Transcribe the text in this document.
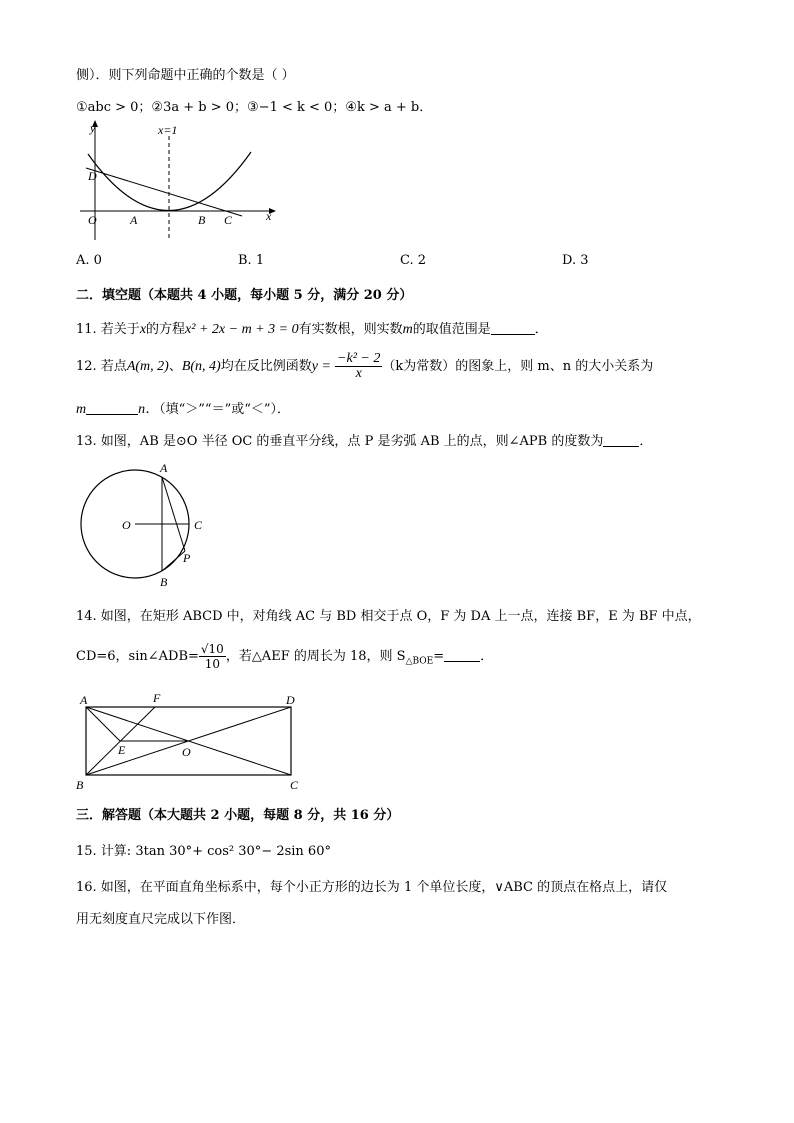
侧）．则下列命题中正确的个数是（ ）
①abc > 0；②3a + b > 0；③−1 < k < 0；④k > a + b．
y	x=1
D
O	A	B C	x
A. 0	B. 1	C. 2	D. 3
二．填空题（本题共 4 小题，每小题 5 分，满分 20 分）
11. 若关于x的方程x² + 2x − m + 3 = 0有实数根，则实数m的取值范围是	．
12. 若点A(m, 2)、B(n, 4)均在反比例函数$y = \frac{\text{−k² − 2}}{x} (k$为常数）的图象上，则 m、n 的大小关系为
m	n．（填“＞”“＝”或“＜”）．
13. 如图，AB 是⊙O 半径 OC 的垂直平分线，点 P 是劣弧 AB 上的点，则∠APB 的度数为	．
A
O	C
P
B
14. 如图，在矩形 ABCD 中，对角线 AC 与 BD 相交于点 O，F 为 DA 上一点，连接 BF，E 为 BF 中点，
CD=6，sin∠ADB= $\frac{√10}{10}$ ，若△AEF 的周长为 18，则 $S_{\triangle BOE}=$	．
A	F	D
E	O
B	C
三．解答题（本大题共 2 小题，每题 8 分，共 16 分）
15. 计算: 3tan 30°+ cos² 30°− 2sin 60°
16. 如图，在平面直角坐标系中，每个小正方形的边长为 1 个单位长度，∨ABC 的顶点在格点上，请仅
用无刻度直尺完成以下作图．
